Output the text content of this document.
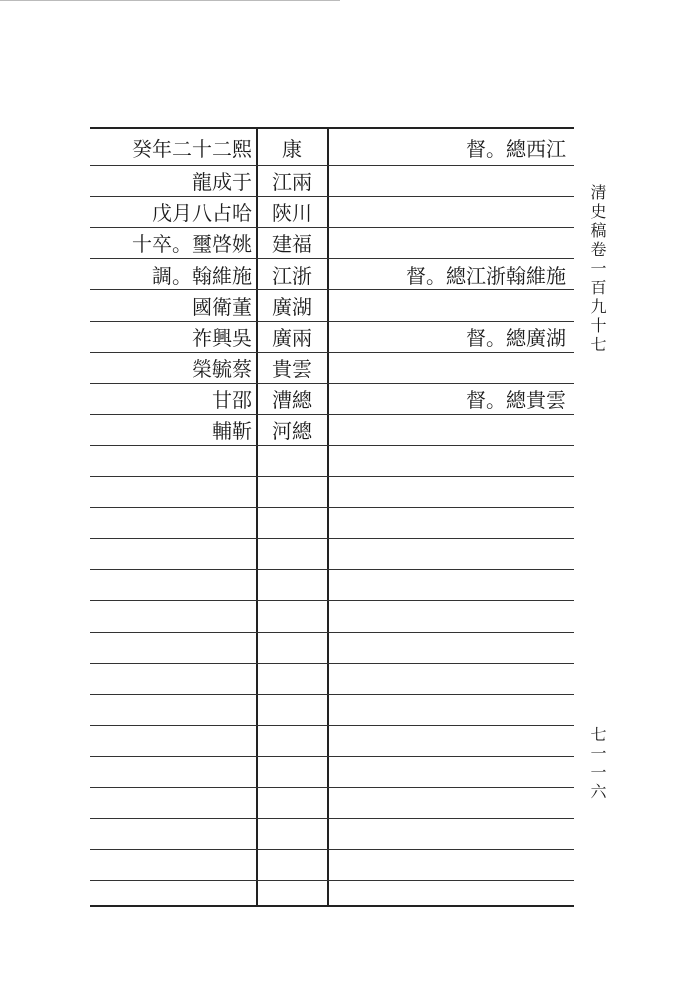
癸年二十二熙	康	督。總西江
龍成于	江兩
戊月八占哈	陝川
十卒。璽啓姚	建福
調。翰維施	江浙	督。總江浙翰維施
國衛董	廣湖
祚興吳	廣兩	督。總廣湖
榮毓蔡	貴雲
甘邵	漕總	督。總貴雲
輔靳	河總
清史稿卷一百九十七
七一一六
